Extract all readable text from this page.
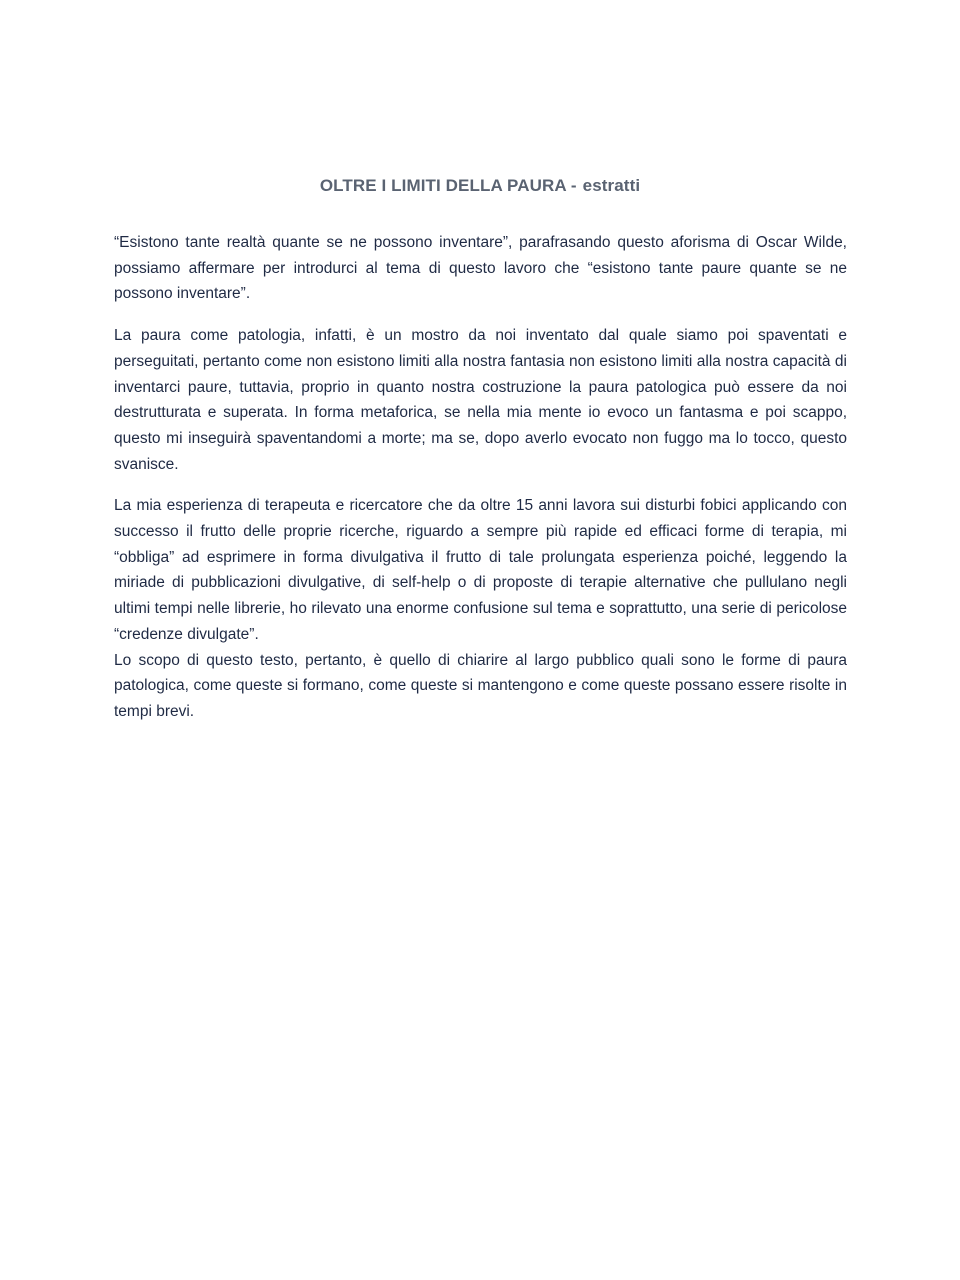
OLTRE I LIMITI DELLA PAURA - estratti

“Esistono tante realtà quante se ne possono inventare”, parafrasando questo aforisma di Oscar Wilde, possiamo affermare per introdurci al tema di questo lavoro che “esistono tante paure quante se ne possono inventare”.

La paura come patologia, infatti, è un mostro da noi inventato dal quale siamo poi spaventati e perseguitati, pertanto come non esistono limiti alla nostra fantasia non esistono limiti alla nostra capacità di inventarci paure, tuttavia, proprio in quanto nostra costruzione la paura patologica può essere da noi destrutturata e superata. In forma metaforica, se nella mia mente io evoco un fantasma e poi scappo, questo mi inseguirà spaventandomi a morte; ma se, dopo averlo evocato non fuggo ma lo tocco, questo svanisce.

La mia esperienza di terapeuta e ricercatore che da oltre 15 anni lavora sui disturbi fobici applicando con successo il frutto delle proprie ricerche, riguardo a sempre più rapide ed efficaci forme di terapia, mi “obbliga” ad esprimere in forma divulgativa il frutto di tale prolungata esperienza poiché, leggendo la miriade di pubblicazioni divulgative, di self-help o di proposte di terapie alternative che pullulano negli ultimi tempi nelle librerie, ho rilevato una enorme confusione sul tema e soprattutto, una serie di pericolose “credenze divulgate”.

Lo scopo di questo testo, pertanto, è quello di chiarire al largo pubblico quali sono le forme di paura patologica, come queste si formano, come queste si mantengono e come queste possano essere risolte in tempi brevi.
